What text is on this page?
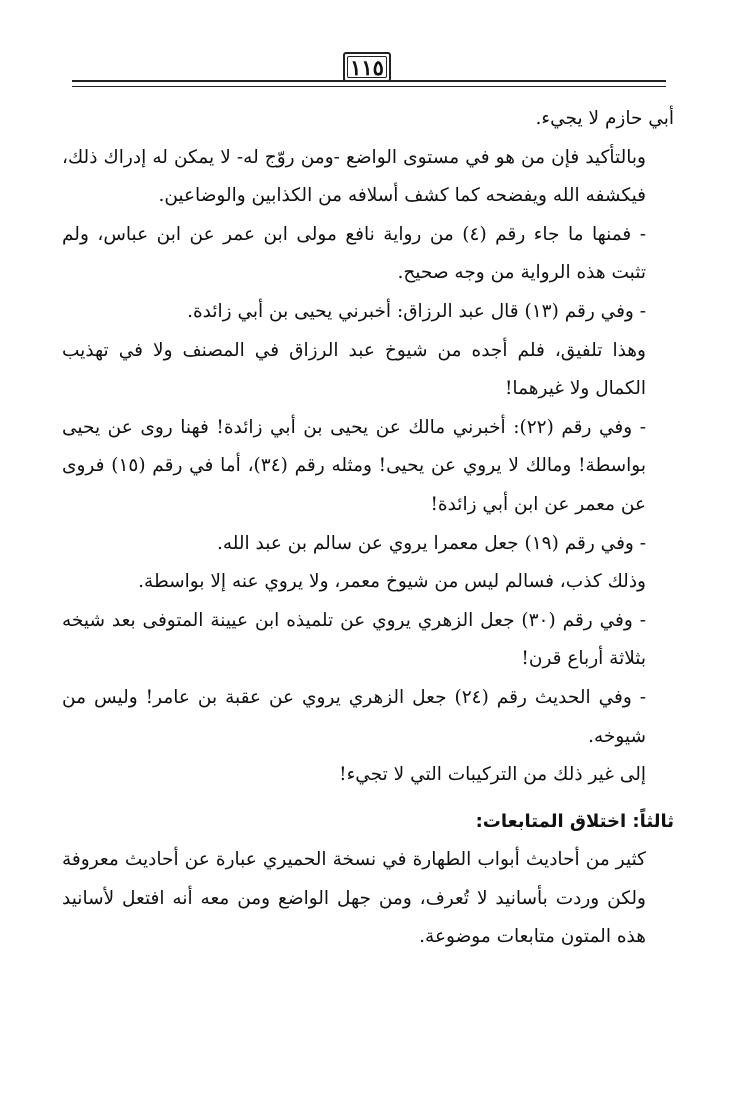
١١٥

أبي حازم لا يجيء.

وبالتأكيد فإن من هو في مستوى الواضع -ومن روّج له- لا يمكن له إدراك ذلك، فيكشفه الله ويفضحه كما كشف أسلافه من الكذابين والوضاعين.

- فمنها ما جاء رقم (٤) من رواية نافع مولى ابن عمر عن ابن عباس، ولم تثبت هذه الرواية من وجه صحيح.

- وفي رقم (١٣) قال عبد الرزاق: أخبرني يحيى بن أبي زائدة.

وهذا تلفيق، فلم أجده من شيوخ عبد الرزاق في المصنف ولا في تهذيب الكمال ولا غيرهما!

- وفي رقم (٢٢): أخبرني مالك عن يحيى بن أبي زائدة! فهنا روى عن يحيى بواسطة! ومالك لا يروي عن يحيى! ومثله رقم (٣٤)، أما في رقم (١٥) فروى عن معمر عن ابن أبي زائدة!

- وفي رقم (١٩) جعل معمرا يروي عن سالم بن عبد الله.

وذلك كذب، فسالم ليس من شيوخ معمر، ولا يروي عنه إلا بواسطة.

- وفي رقم (٣٠) جعل الزهري يروي عن تلميذه ابن عيينة المتوفى بعد شيخه بثلاثة أرباع قرن!

- وفي الحديث رقم (٢٤) جعل الزهري يروي عن عقبة بن عامر! وليس من شيوخه.

إلى غير ذلك من التركيبات التي لا تجيء!

ثالثاً: اختلاق المتابعات:

كثير من أحاديث أبواب الطهارة في نسخة الحميري عبارة عن أحاديث معروفة ولكن وردت بأسانيد لا تُعرف، ومن جهل الواضع ومن معه أنه افتعل لأسانيد هذه المتون متابعات موضوعة.
